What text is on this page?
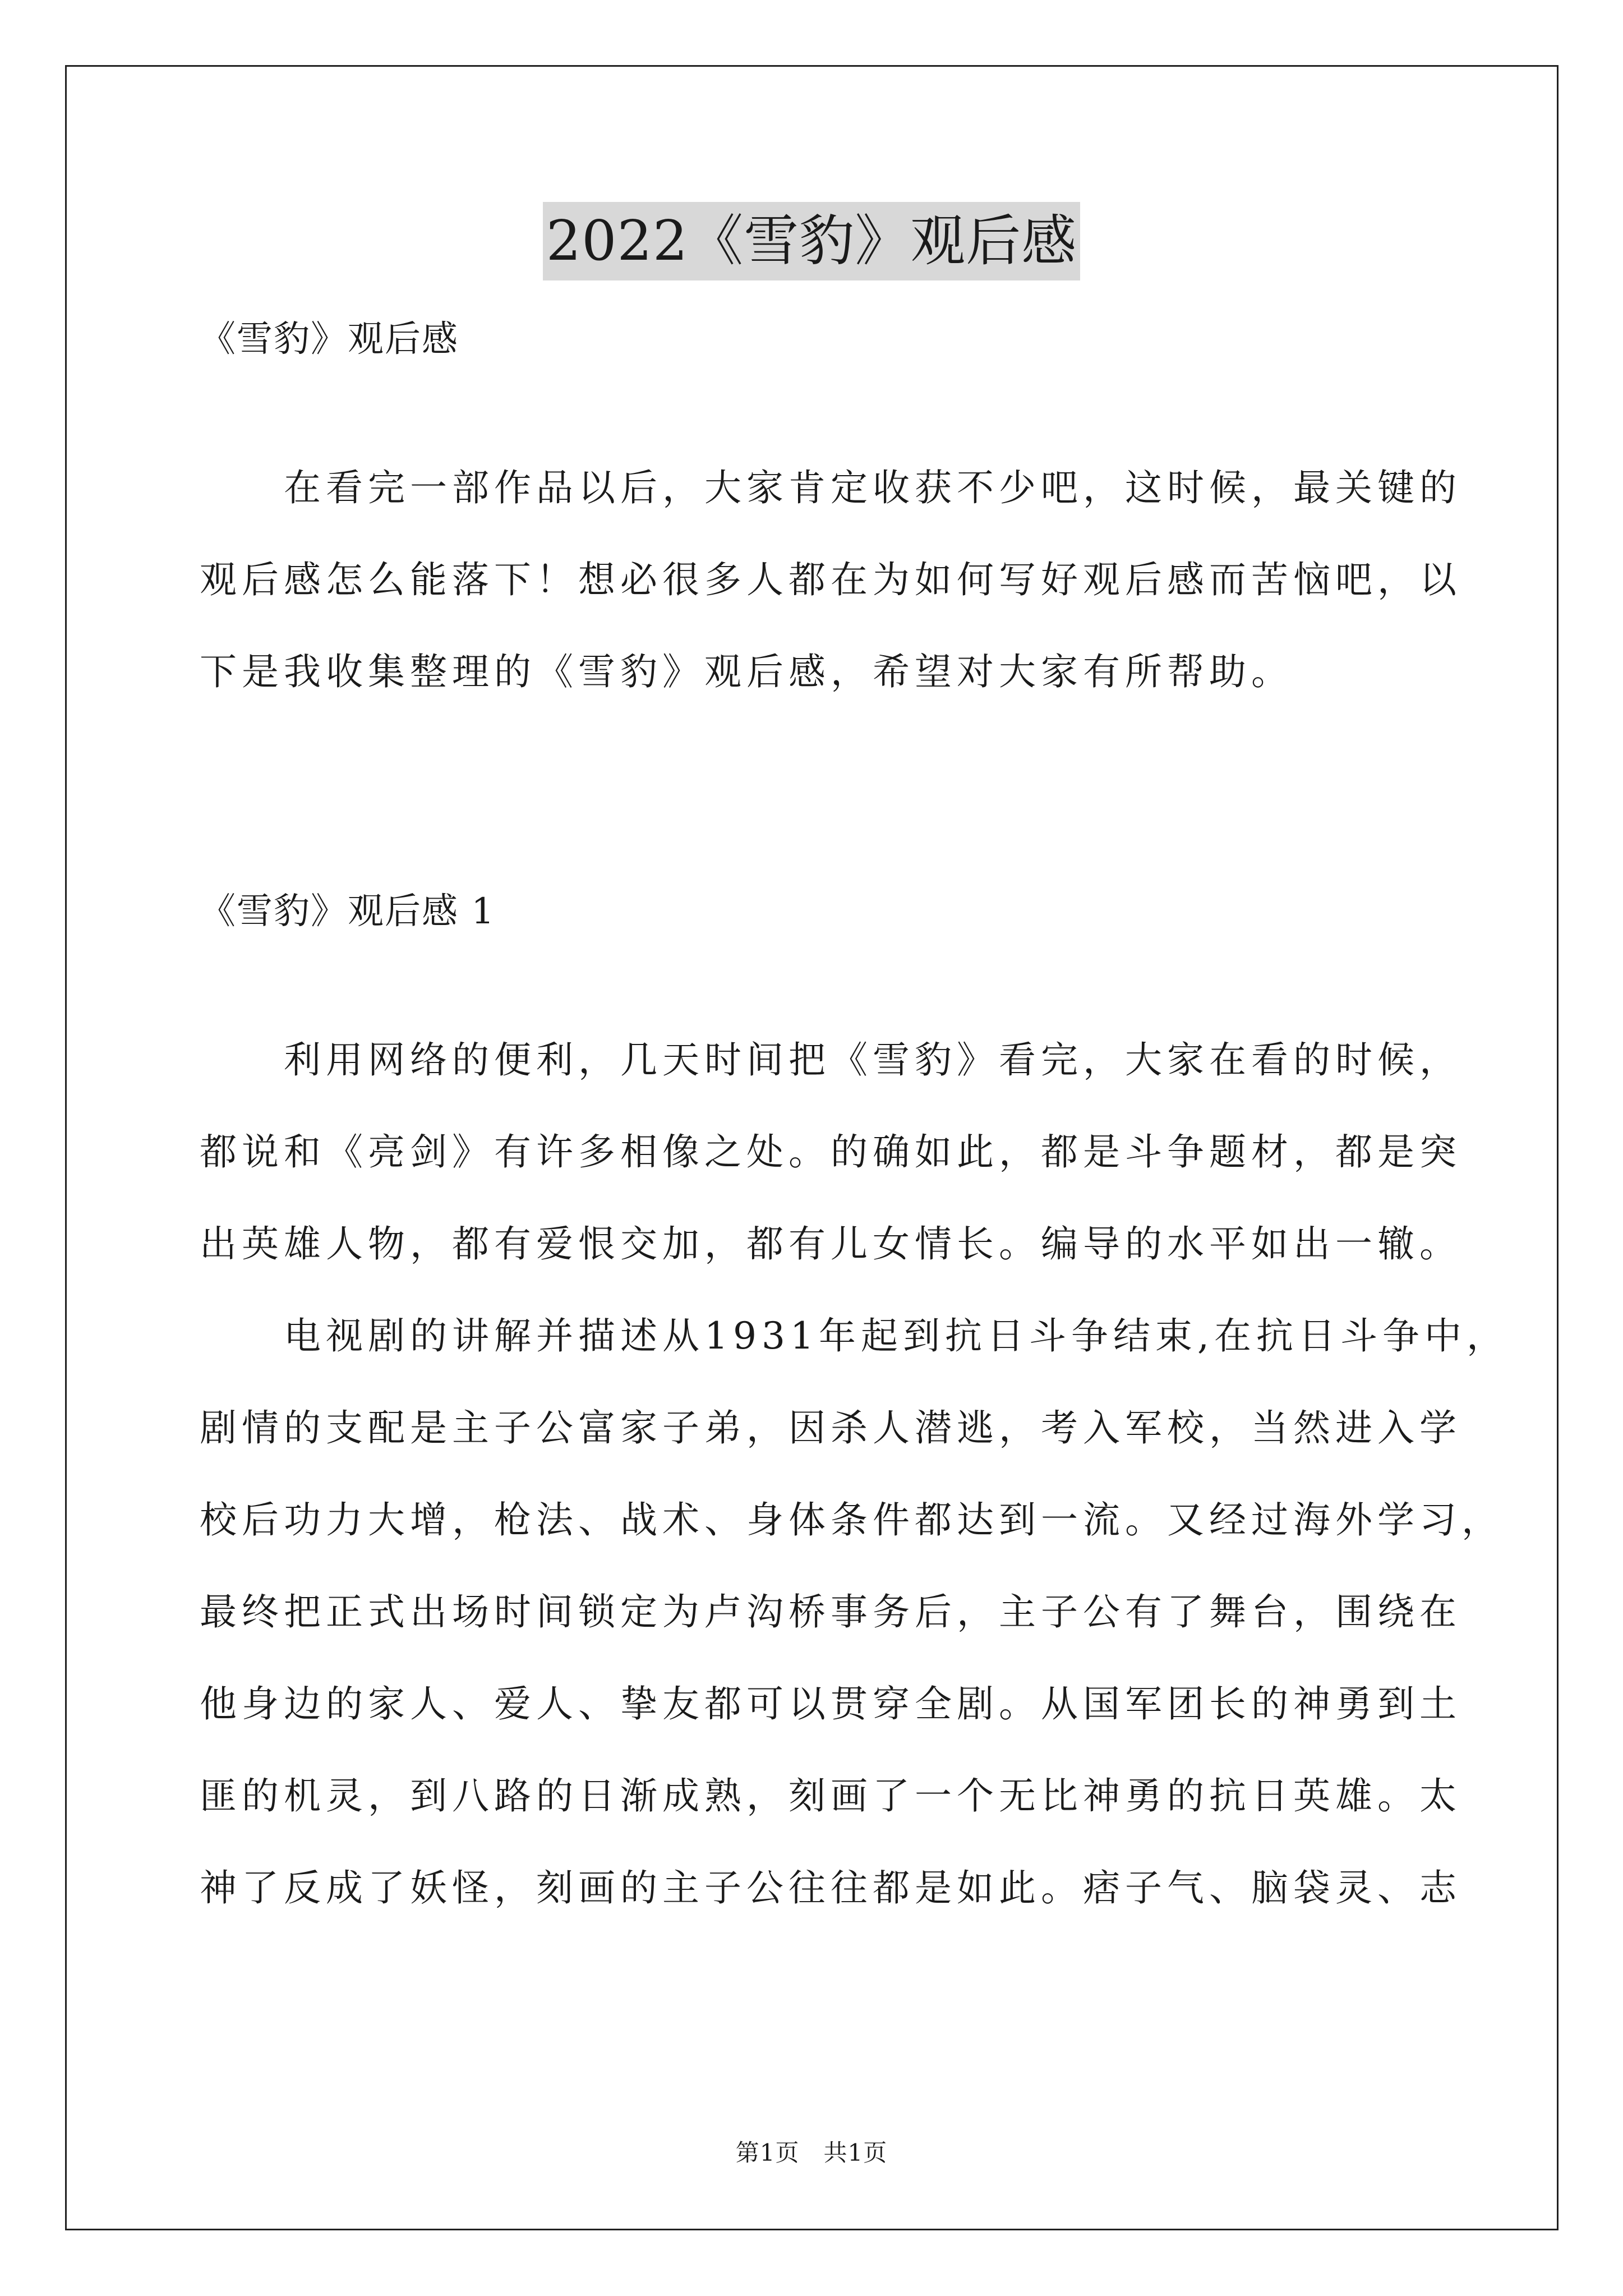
2022《雪豹》观后感
《雪豹》观后感
　　在看完一部作品以后，大家肯定收获不少吧，这时候，最关键的
观后感怎么能落下！想必很多人都在为如何写好观后感而苦恼吧，以
下是我收集整理的《雪豹》观后感，希望对大家有所帮助。
《雪豹》观后感 1
　　利用网络的便利，几天时间把《雪豹》看完，大家在看的时候，
都说和《亮剑》有许多相像之处。的确如此，都是斗争题材，都是突
出英雄人物，都有爱恨交加，都有儿女情长。编导的水平如出一辙。
　　电视剧的讲解并描述从1931年起到抗日斗争结束,在抗日斗争中，
剧情的支配是主子公富家子弟，因杀人潜逃，考入军校，当然进入学
校后功力大增，枪法、战术、身体条件都达到一流。又经过海外学习，
最终把正式出场时间锁定为卢沟桥事务后，主子公有了舞台，围绕在
他身边的家人、爱人、挚友都可以贯穿全剧。从国军团长的神勇到土
匪的机灵，到八路的日渐成熟，刻画了一个无比神勇的抗日英雄。太
神了反成了妖怪，刻画的主子公往往都是如此。痞子气、脑袋灵、志
第1页　共1页
